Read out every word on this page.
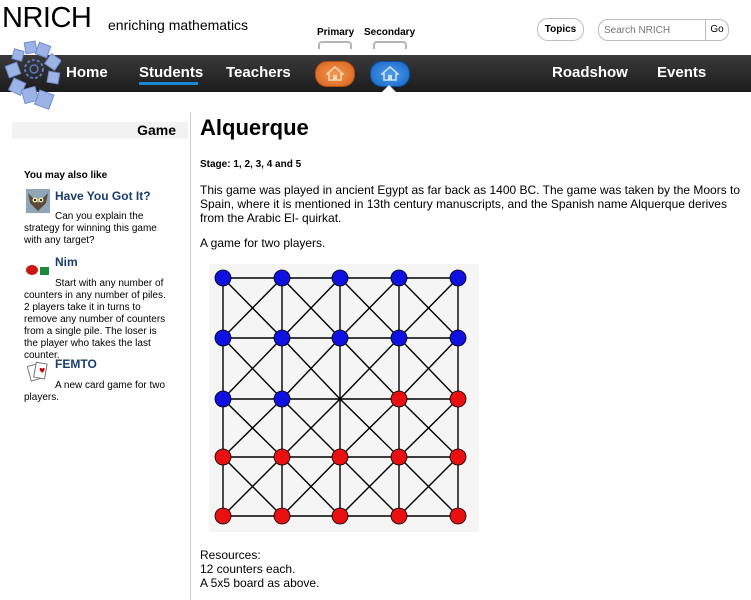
NRICH enriching mathematics	Primary Secondary	Topics
Search NRICH	Go
Home Students Teachers	Roadshow Events
Game
You may also like
Have You Got It?
Can you explain the strategy for winning this game with any target?
Nim
Start with any number of counters in any number of piles. 2 players take it in turns to remove any number of counters from a single pile. The loser is the player who takes the last counter.
♥ FEMTO
A new card game for two players.
Alquerque
Stage: 1, 2, 3, 4 and 5
This game was played in ancient Egypt as far back as 1400 BC. The game was taken by the Moors to Spain, where it is mentioned in 13th century manuscripts, and the Spanish name Alquerque derives from the Arabic El- quirkat.
A game for two players.
Resources:
12 counters each.
A 5x5 board as above.
